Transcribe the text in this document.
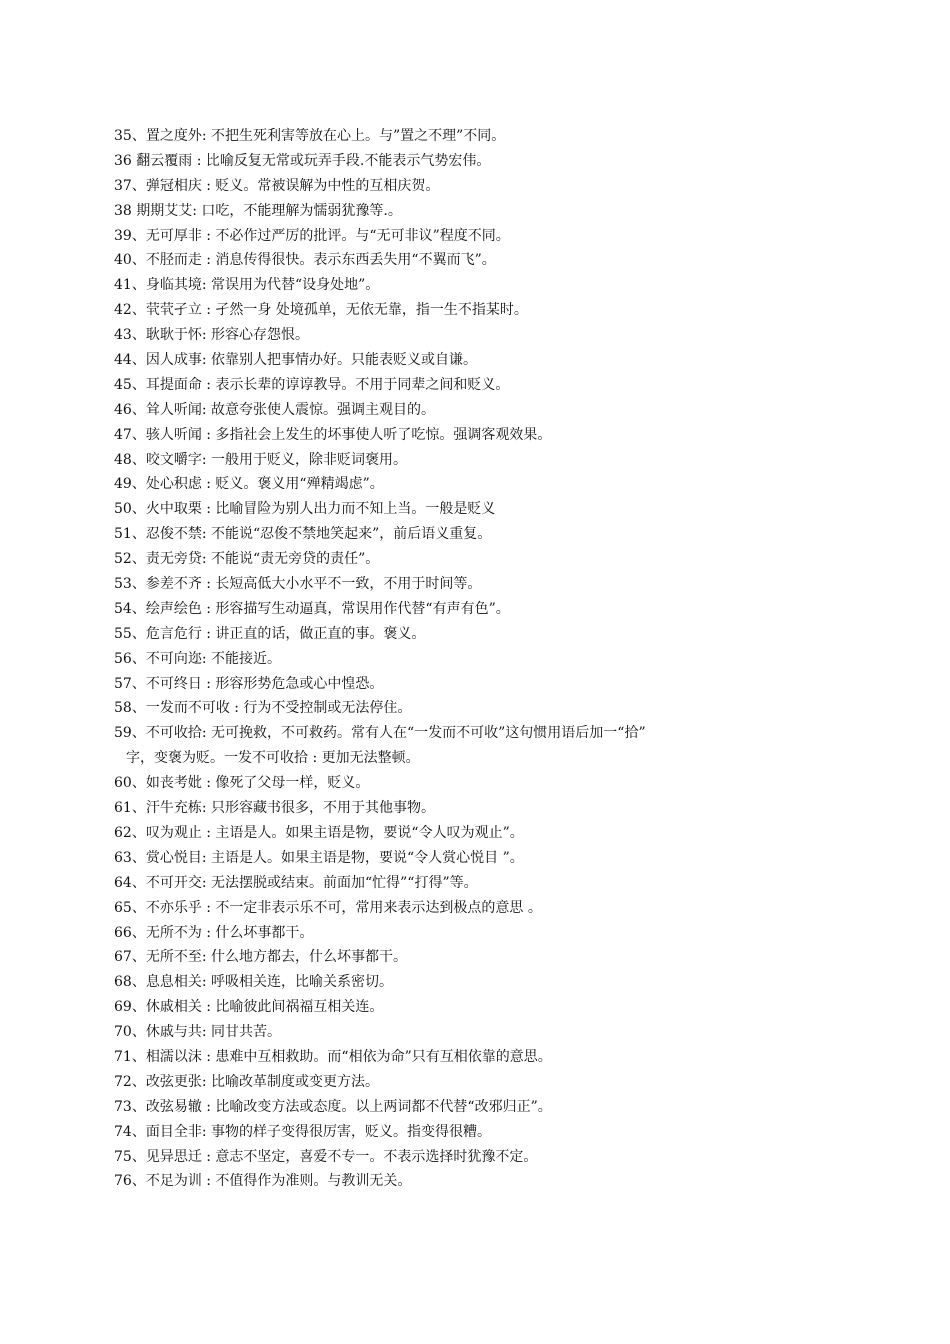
35、置之度外: 不把生死利害等放在心上。与”置之不理”不同。
36 翻云覆雨 : 比喻反复无常或玩弄手段.不能表示气势宏伟。
37、弹冠相庆 : 贬义。常被误解为中性的互相庆贺。
38 期期艾艾: 口吃，不能理解为懦弱犹豫等.。
39、无可厚非 : 不必作过严厉的批评。与“无可非议”程度不同。
40、不胫而走 : 消息传得很快。表示东西丢失用“不翼而飞”。
41、身临其境: 常误用为代替“设身处地”。
42、茕茕孑立 : 孑然一身 处境孤单，无依无靠，指一生不指某时。
43、耿耿于怀: 形容心存怨恨。
44、因人成事: 依靠别人把事情办好。只能表贬义或自谦。
45、耳提面命 : 表示长辈的谆谆教导。不用于同辈之间和贬义。
46、耸人听闻: 故意夸张使人震惊。强调主观目的。
47、骇人听闻 : 多指社会上发生的坏事使人听了吃惊。强调客观效果。
48、咬文嚼字: 一般用于贬义，除非贬词褒用。
49、处心积虑 : 贬义。褒义用“殚精竭虑”。
50、火中取栗 : 比喻冒险为别人出力而不知上当。一般是贬义
51、忍俊不禁: 不能说“忍俊不禁地笑起来”，前后语义重复。
52、责无旁贷: 不能说“责无旁贷的责任”。
53、参差不齐 : 长短高低大小水平不一致，不用于时间等。
54、绘声绘色 : 形容描写生动逼真，常误用作代替“有声有色”。
55、危言危行 : 讲正直的话，做正直的事。褒义。
56、不可向迩: 不能接近。
57、不可终日 : 形容形势危急或心中惶恐。
58、一发而不可收 : 行为不受控制或无法停住。
59、不可收拾: 无可挽救，不可救药。常有人在“一发而不可收”这句惯用语后加一“拾”
字，变褒为贬。一发不可收拾 : 更加无法整顿。
60、如丧考妣 : 像死了父母一样，贬义。
61、汗牛充栋: 只形容藏书很多，不用于其他事物。
62、叹为观止 : 主语是人。如果主语是物，要说“令人叹为观止”。
63、赏心悦目: 主语是人。如果主语是物，要说“令人赏心悦目 ”。
64、不可开交: 无法摆脱或结束。前面加“忙得”“打得”等。
65、不亦乐乎 : 不一定非表示乐不可，常用来表示达到极点的意思 。
66、无所不为 : 什么坏事都干。
67、无所不至: 什么地方都去，什么坏事都干。
68、息息相关: 呼吸相关连，比喻关系密切。
69、休戚相关 : 比喻彼此间祸福互相关连。
70、休戚与共: 同甘共苦。
71、相濡以沫 : 患难中互相救助。而“相依为命”只有互相依靠的意思。
72、改弦更张: 比喻改革制度或变更方法。
73、改弦易辙 : 比喻改变方法或态度。以上两词都不代替“改邪归正”。
74、面目全非: 事物的样子变得很厉害，贬义。指变得很糟。
75、见异思迁 : 意志不坚定，喜爱不专一。不表示选择时犹豫不定。
76、不足为训 : 不值得作为准则。与教训无关。
